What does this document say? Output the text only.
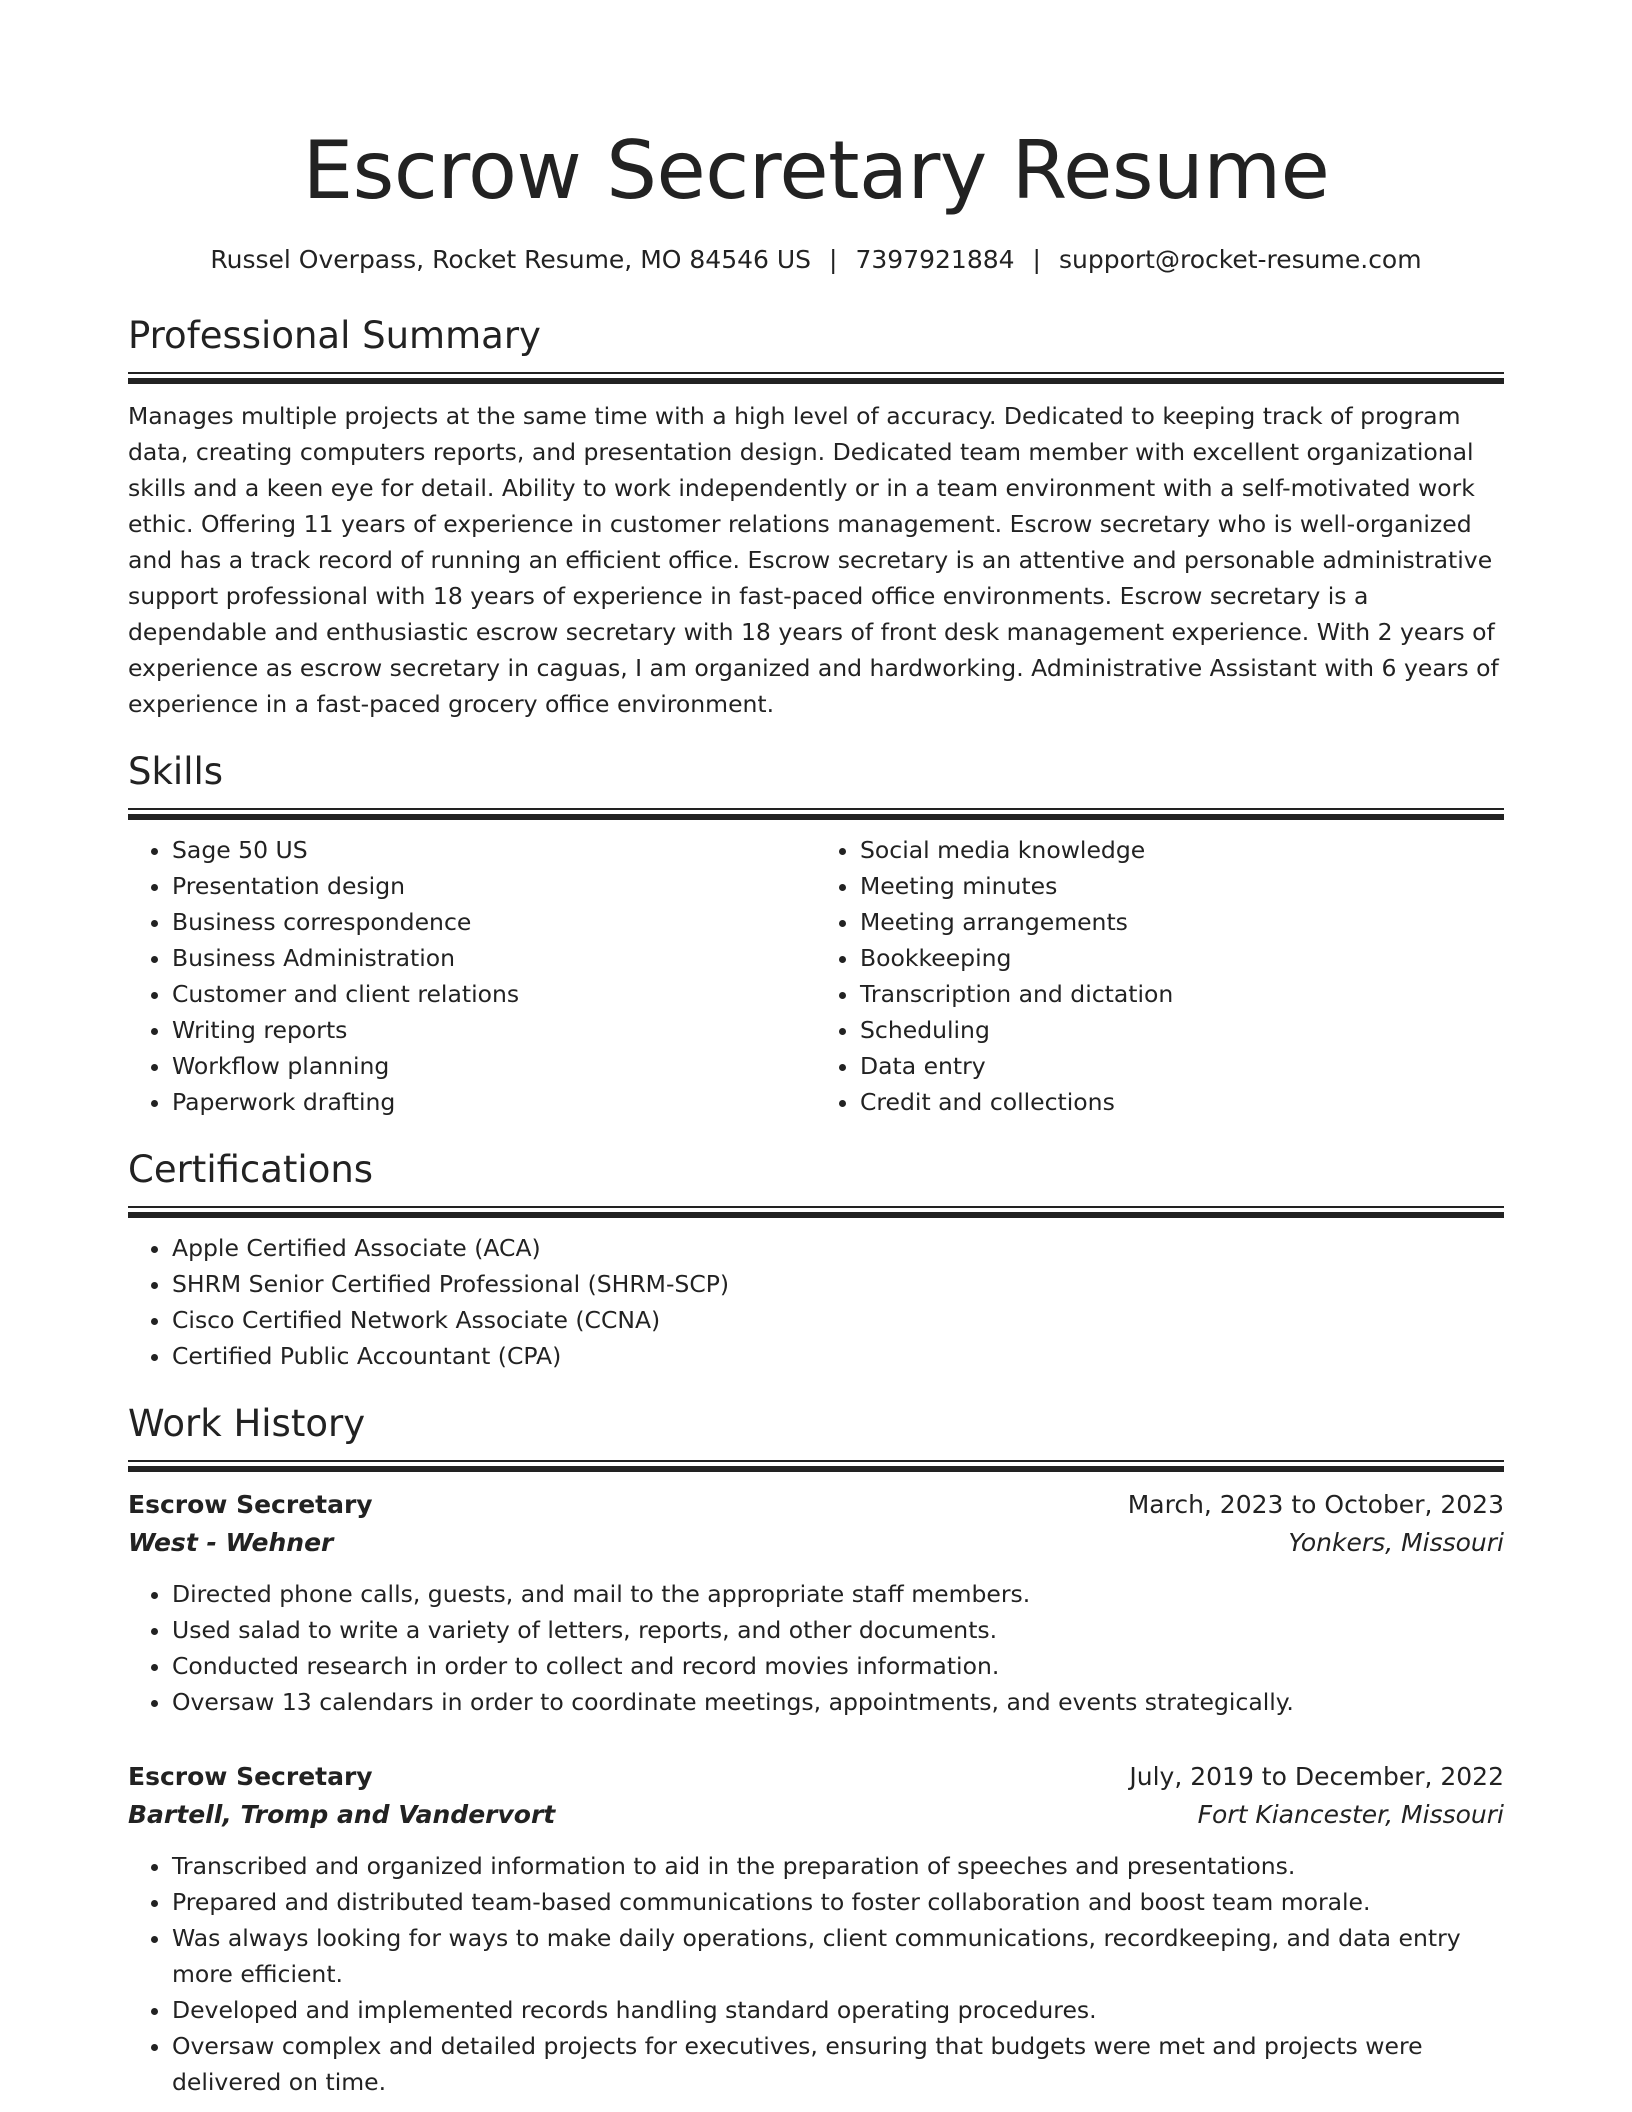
Escrow Secretary Resume
Russel Overpass, Rocket Resume, MO 84546 US | 7397921884 | support@rocket-resume.com
Professional Summary

Manages multiple projects at the same time with a high level of accuracy. Dedicated to keeping track of program data, creating computers reports, and presentation design. Dedicated team member with excellent organizational skills and a keen eye for detail. Ability to work independently or in a team environment with a self-motivated work ethic. Offering 11 years of experience in customer relations management. Escrow secretary who is well-organized and has a track record of running an efficient office. Escrow secretary is an attentive and personable administrative support professional with 18 years of experience in fast-paced office environments. Escrow secretary is a dependable and enthusiastic escrow secretary with 18 years of front desk management experience. With 2 years of experience as escrow secretary in caguas, I am organized and hardworking. Administrative Assistant with 6 years of experience in a fast-paced grocery office environment.

Skills
• Sage 50 US
• Presentation design
• Business correspondence
• Business Administration
• Customer and client relations
• Writing reports
• Workflow planning
• Paperwork drafting
• Social media knowledge
• Meeting minutes
• Meeting arrangements
• Bookkeeping
• Transcription and dictation
• Scheduling
• Data entry
• Credit and collections
Certifications
• Apple Certified Associate (ACA)
• SHRM Senior Certified Professional (SHRM-SCP)
• Cisco Certified Network Associate (CCNA)
• Certified Public Accountant (CPA)
Work History
Escrow Secretary	March, 2023 to October, 2023
West - Wehner	Yonkers, Missouri
• Directed phone calls, guests, and mail to the appropriate staff members.
• Used salad to write a variety of letters, reports, and other documents.
• Conducted research in order to collect and record movies information.
• Oversaw 13 calendars in order to coordinate meetings, appointments, and events strategically.
Escrow Secretary	July, 2019 to December, 2022
Bartell, Tromp and Vandervort	Fort Kiancester, Missouri
• Transcribed and organized information to aid in the preparation of speeches and presentations.
• Prepared and distributed team-based communications to foster collaboration and boost team morale.
• Was always looking for ways to make daily operations, client communications, recordkeeping, and data entry more efficient.
• Developed and implemented records handling standard operating procedures.
• Oversaw complex and detailed projects for executives, ensuring that budgets were met and projects were delivered on time.
